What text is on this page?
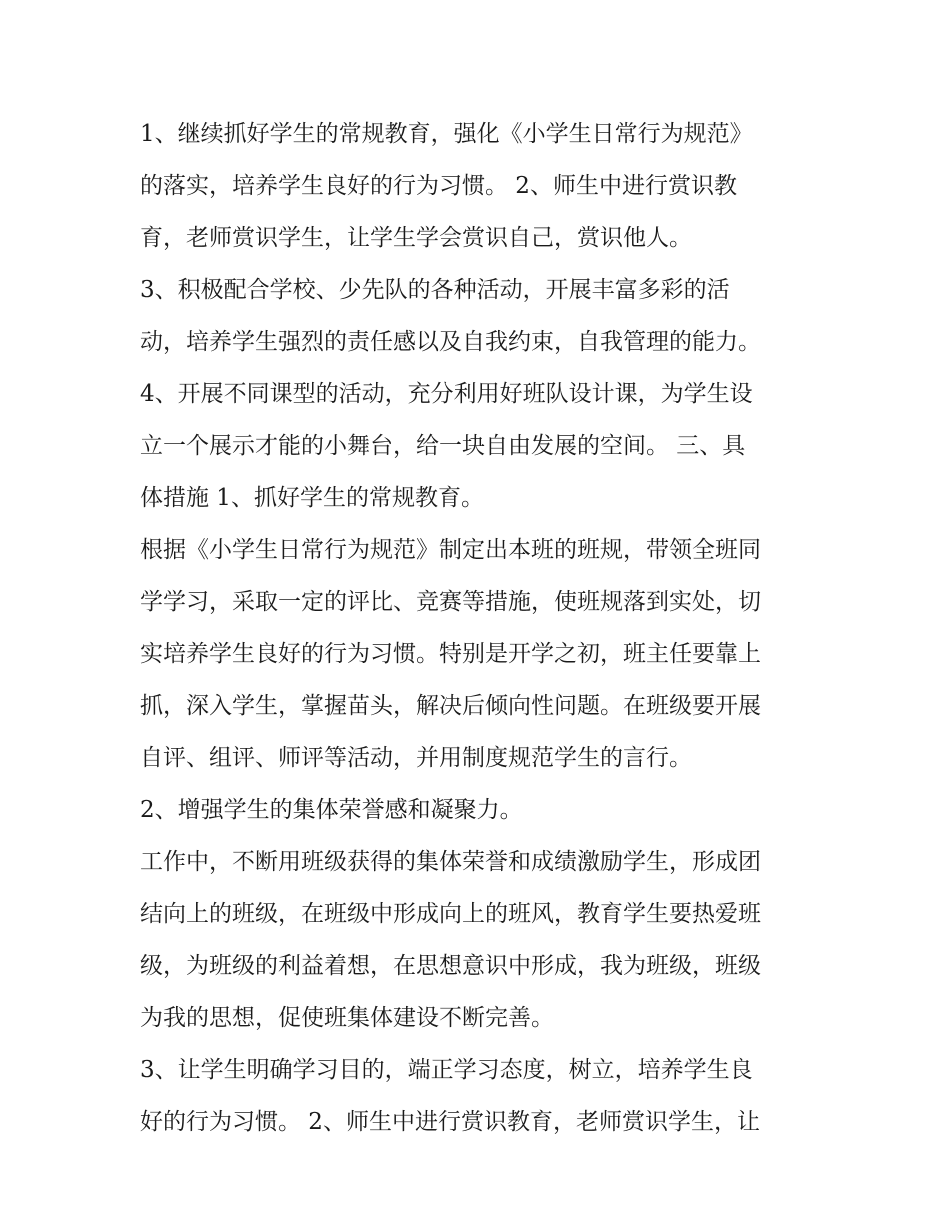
1、继续抓好学生的常规教育，强化《小学生日常行为规范》
的落实，培养学生良好的行为习惯。 2、师生中进行赏识教
育，老师赏识学生，让学生学会赏识自己，赏识他人。
3、积极配合学校、少先队的各种活动，开展丰富多彩的活
动，培养学生强烈的责任感以及自我约束，自我管理的能力。
4、开展不同课型的活动，充分利用好班队设计课，为学生设
立一个展示才能的小舞台，给一块自由发展的空间。 三、具
体措施 1、抓好学生的常规教育。
根据《小学生日常行为规范》制定出本班的班规，带领全班同
学学习，采取一定的评比、竞赛等措施，使班规落到实处，切
实培养学生良好的行为习惯。特别是开学之初，班主任要靠上
抓，深入学生，掌握苗头，解决后倾向性问题。在班级要开展
自评、组评、师评等活动，并用制度规范学生的言行。
2、增强学生的集体荣誉感和凝聚力。
工作中，不断用班级获得的集体荣誉和成绩激励学生，形成团
结向上的班级，在班级中形成向上的班风，教育学生要热爱班
级，为班级的利益着想，在思想意识中形成，我为班级，班级
为我的思想，促使班集体建设不断完善。
3、让学生明确学习目的，端正学习态度，树立，培养学生良
好的行为习惯。 2、师生中进行赏识教育，老师赏识学生，让
